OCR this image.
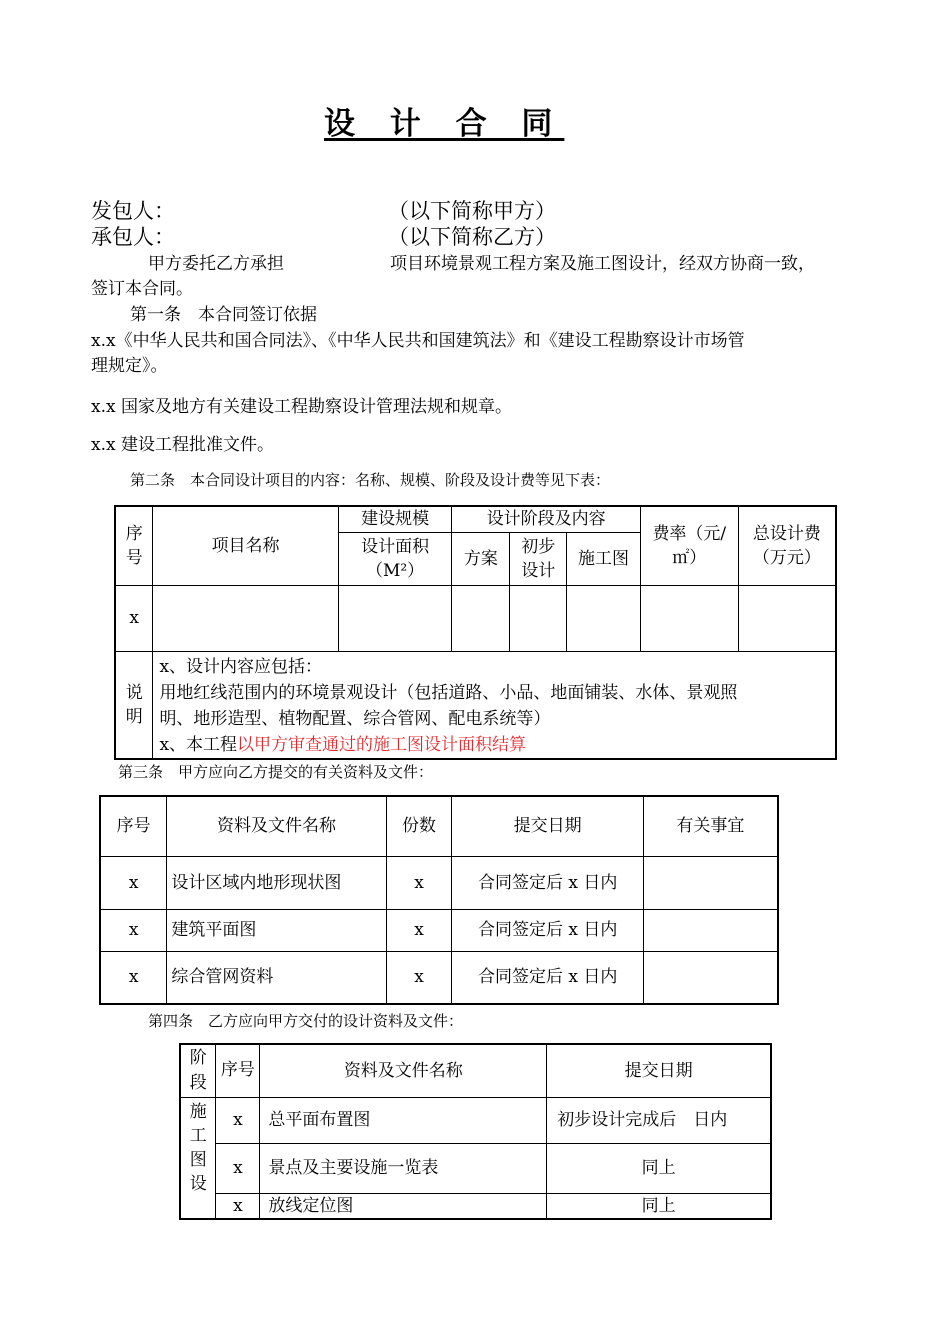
设 计 合 同
发包人：	（以下简称甲方）
承包人：	（以下简称乙方）
甲方委托乙方承担	项目环境景观工程方案及施工图设计，经双方协商一致，
签订本合同。
第一条　本合同签订依据
x.x《中华人民共和国合同法》、《中华人民共和国建筑法》和《建设工程勘察设计市场管
理规定》。
x.x 国家及地方有关建设工程勘察设计管理法规和规章。
x.x 建设工程批准文件。
第二条　本合同设计项目的内容：名称、规模、阶段及设计费等见下表：
序号	项目名称	建设规模	设计阶段及内容			费率（元/㎡）	总设计费（万元）
		设计面积（M²）	方案	初步设计	施工图		
x							
说明	x、设计内容应包括：
用地红线范围内的环境景观设计（包括道路、小品、地面铺装、水体、景观照
明、地形造型、植物配置、综合管网、配电系统等）
x、本工程以甲方审查通过的施工图设计面积结算						
第三条　甲方应向乙方提交的有关资料及文件：
序号	资料及文件名称	份数	提交日期	有关事宜
x	设计区域内地形现状图	x	合同签定后 x 日内	
x	建筑平面图	x	合同签定后 x 日内	
x	综合管网资料	x	合同签定后 x 日内	
第四条　乙方应向甲方交付的设计资料及文件：
阶段	序号	资料及文件名称	提交日期
施工图设	x	总平面布置图	初步设计完成后　日内
	x	景点及主要设施一览表	同上
	x	放线定位图	同上
